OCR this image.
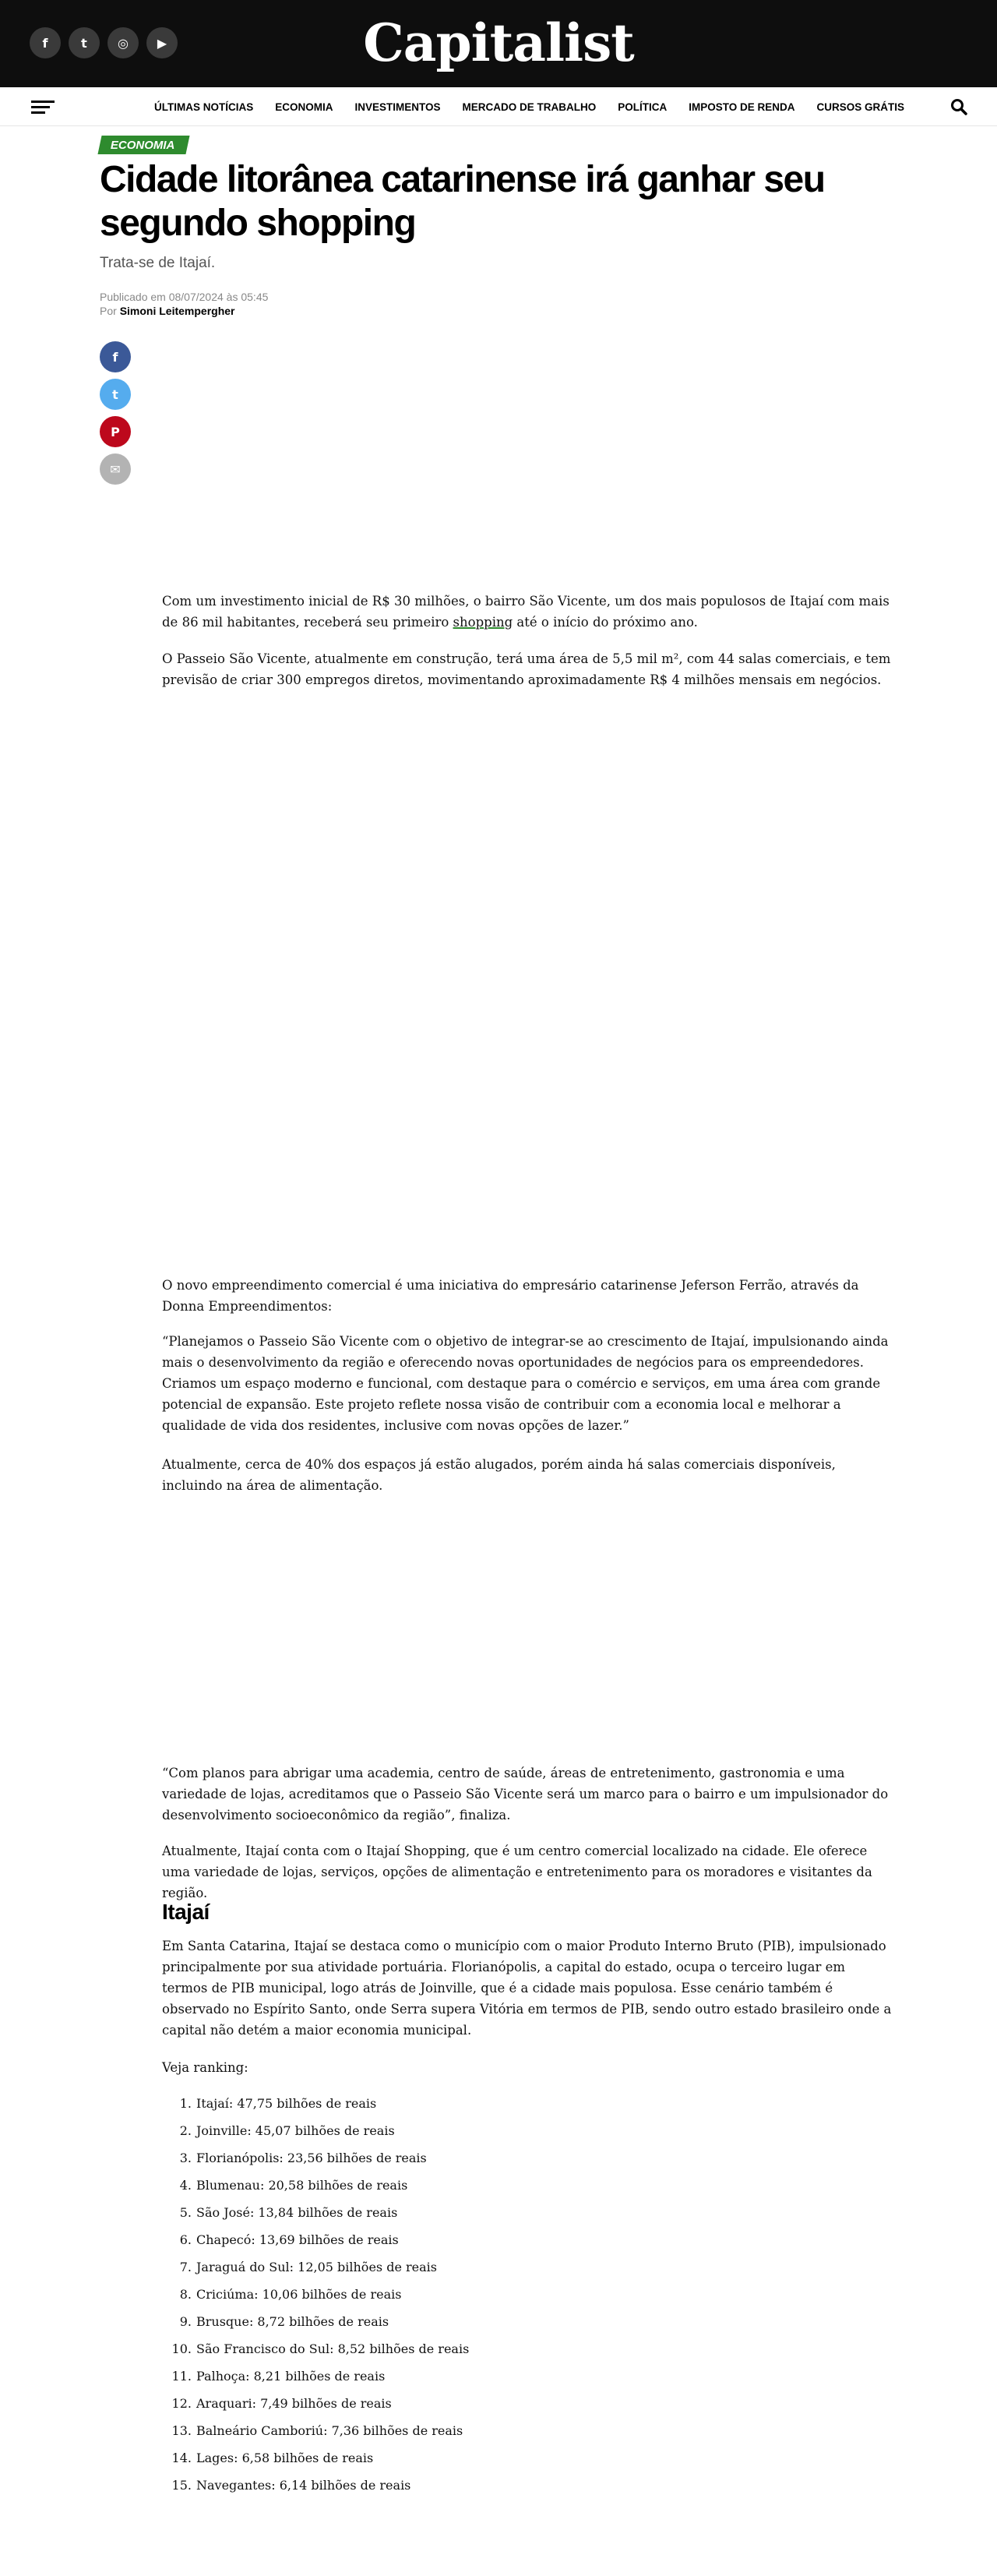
f	t	◎	▶	Capitalist
ÚLTIMAS NOTÍCIAS ECONOMIA INVESTIMENTOS MERCADO DE TRABALHO POLÍTICA IMPOSTO DE RENDA CURSOS GRÁTIS
ECONOMIA
Cidade litorânea catarinense irá ganhar seu segundo shopping
Trata-se de Itajaí.
Publicado em 08/07/2024 às 05:45
Por Simoni Leitempergher
f
t
P
✉

Com um investimento inicial de R$ 30 milhões, o bairro São Vicente, um dos mais populosos de Itajaí com mais de 86 mil habitantes, receberá seu primeiro shopping até o início do próximo ano.

O Passeio São Vicente, atualmente em construção, terá uma área de 5,5 mil m², com 44 salas comerciais, e tem previsão de criar 300 empregos diretos, movimentando aproximadamente R$ 4 milhões mensais em negócios.

O novo empreendimento comercial é uma iniciativa do empresário catarinense Jeferson Ferrão, através da Donna Empreendimentos:

“Planejamos o Passeio São Vicente com o objetivo de integrar-se ao crescimento de Itajaí, impulsionando ainda mais o desenvolvimento da região e oferecendo novas oportunidades de negócios para os empreendedores. Criamos um espaço moderno e funcional, com destaque para o comércio e serviços, em uma área com grande potencial de expansão. Este projeto reflete nossa visão de contribuir com a economia local e melhorar a qualidade de vida dos residentes, inclusive com novas opções de lazer.”

Atualmente, cerca de 40% dos espaços já estão alugados, porém ainda há salas comerciais disponíveis, incluindo na área de alimentação.

“Com planos para abrigar uma academia, centro de saúde, áreas de entretenimento, gastronomia e uma variedade de lojas, acreditamos que o Passeio São Vicente será um marco para o bairro e um impulsionador do desenvolvimento socioeconômico da região”, finaliza.

Atualmente, Itajaí conta com o Itajaí Shopping, que é um centro comercial localizado na cidade. Ele oferece uma variedade de lojas, serviços, opções de alimentação e entretenimento para os moradores e visitantes da região.

Itajaí

Em Santa Catarina, Itajaí se destaca como o município com o maior Produto Interno Bruto (PIB), impulsionado principalmente por sua atividade portuária. Florianópolis, a capital do estado, ocupa o terceiro lugar em termos de PIB municipal, logo atrás de Joinville, que é a cidade mais populosa. Esse cenário também é observado no Espírito Santo, onde Serra supera Vitória em termos de PIB, sendo outro estado brasileiro onde a capital não detém a maior economia municipal.

Veja ranking:

1. Itajaí: 47,75 bilhões de reais
2. Joinville: 45,07 bilhões de reais
3. Florianópolis: 23,56 bilhões de reais
4. Blumenau: 20,58 bilhões de reais
5. São José: 13,84 bilhões de reais
6. Chapecó: 13,69 bilhões de reais
7. Jaraguá do Sul: 12,05 bilhões de reais
8. Criciúma: 10,06 bilhões de reais
9. Brusque: 8,72 bilhões de reais
10. São Francisco do Sul: 8,52 bilhões de reais
11. Palhoça: 8,21 bilhões de reais
12. Araquari: 7,49 bilhões de reais
13. Balneário Camboriú: 7,36 bilhões de reais
14. Lages: 6,58 bilhões de reais
15. Navegantes: 6,14 bilhões de reais
